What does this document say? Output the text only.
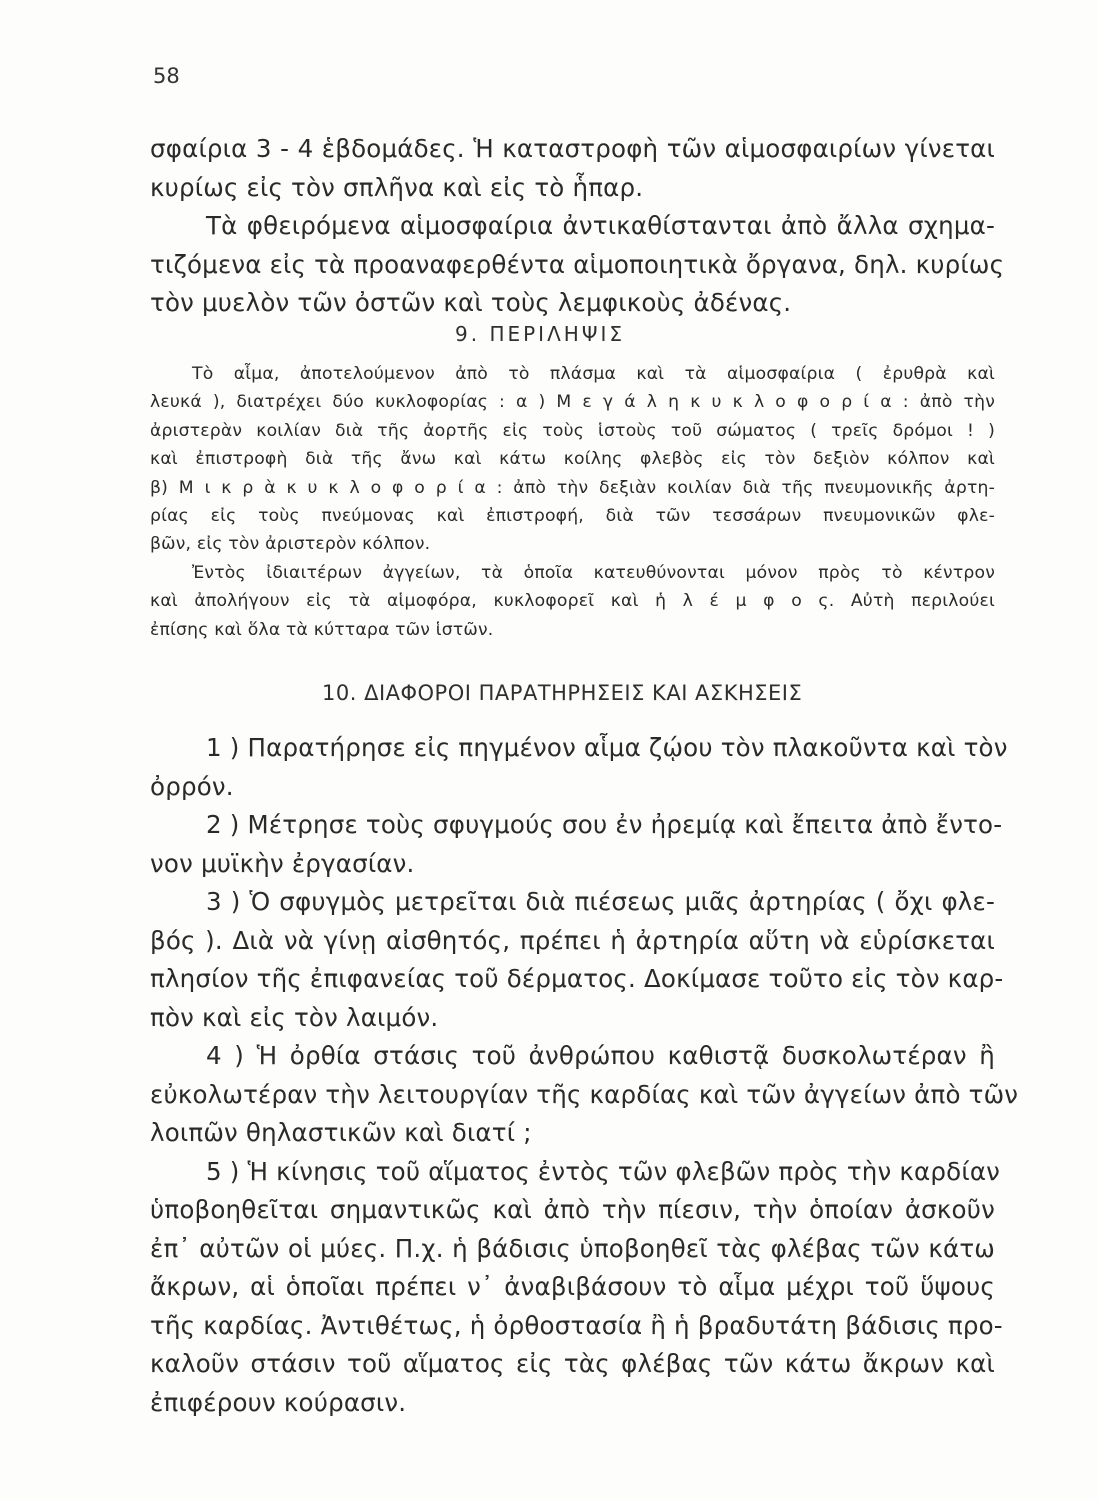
58
σφαίρια 3 - 4 ἑβδομάδες. Ἡ καταστροφὴ τῶν αἱμοσφαιρίων γίνεται
κυρίως εἰς τὸν σπλῆνα καὶ εἰς τὸ ἧπαρ.
Τὰ φθειρόμενα αἱμοσφαίρια ἀντικαθίστανται ἀπὸ ἄλλα σχημα-
τιζόμενα εἰς τὰ προαναφερθέντα αἱμοποιητικὰ ὄργανα, δηλ. κυρίως
τὸν μυελὸν τῶν ὀστῶν καὶ τοὺς λεμφικοὺς ἀδένας.
9. ΠΕΡΙΛΗΨΙΣ
Τὸ αἷμα, ἀποτελούμενον ἀπὸ τὸ πλάσμα καὶ τὰ αἱμοσφαίρια ( ἐρυθρὰ καὶ
λευκά ), διατρέχει δύο κυκλοφορίας : α ) Μ ε γ ά λ η κ υ κ λ ο φ ο ρ ί α : ἀπὸ τὴν
ἀριστερὰν κοιλίαν διὰ τῆς ἀορτῆς εἰς τοὺς ἱστοὺς τοῦ σώματος ( τρεῖς δρόμοι ! )
καὶ ἐπιστροφὴ διὰ τῆς ἄνω καὶ κάτω κοίλης φλεβὸς εἰς τὸν δεξιὸν κόλπον καὶ
β) Μ ι κ ρ ὰ κ υ κ λ ο φ ο ρ ί α : ἀπὸ τὴν δεξιὰν κοιλίαν διὰ τῆς πνευμονικῆς ἀρτη-
ρίας εἰς τοὺς πνεύμονας καὶ ἐπιστροφή, διὰ τῶν τεσσάρων πνευμονικῶν φλε-
βῶν, εἰς τὸν ἀριστερὸν κόλπον.
Ἐντὸς ἰδιαιτέρων ἀγγείων, τὰ ὁποῖα κατευθύνονται μόνον πρὸς τὸ κέντρον
καὶ ἀπολήγουν εἰς τὰ αἱμοφόρα, κυκλοφορεῖ καὶ ἡ λ έ μ φ ο ς. Αὐτὴ περιλούει
ἐπίσης καὶ ὅλα τὰ κύτταρα τῶν ἱστῶν.
10. ΔΙΑΦΟΡΟΙ ΠΑΡΑΤΗΡΗΣΕΙΣ ΚΑΙ ΑΣΚΗΣΕΙΣ
1 ) Παρατήρησε εἰς πηγμένον αἷμα ζῴου τὸν πλακοῦντα καὶ τὸν
ὀρρόν.
2 ) Μέτρησε τοὺς σφυγμούς σου ἐν ἠρεμίᾳ καὶ ἔπειτα ἀπὸ ἔντο-
νον μυϊκὴν ἐργασίαν.
3 ) Ὁ σφυγμὸς μετρεῖται διὰ πιέσεως μιᾶς ἀρτηρίας ( ὄχι φλε-
βός ). Διὰ νὰ γίνῃ αἰσθητός, πρέπει ἡ ἀρτηρία αὕτη νὰ εὑρίσκεται
πλησίον τῆς ἐπιφανείας τοῦ δέρματος. Δοκίμασε τοῦτο εἰς τὸν καρ-
πὸν καὶ εἰς τὸν λαιμόν.
4 ) Ἡ ὀρθία στάσις τοῦ ἀνθρώπου καθιστᾷ δυσκολωτέραν ἢ
εὐκολωτέραν τὴν λειτουργίαν τῆς καρδίας καὶ τῶν ἀγγείων ἀπὸ τῶν
λοιπῶν θηλαστικῶν καὶ διατί ;
5 ) Ἡ κίνησις τοῦ αἵματος ἐντὸς τῶν φλεβῶν πρὸς τὴν καρδίαν
ὑποβοηθεῖται σημαντικῶς καὶ ἀπὸ τὴν πίεσιν, τὴν ὁποίαν ἀσκοῦν
ἐπ᾽ αὐτῶν οἱ μύες. Π.χ. ἡ βάδισις ὑποβοηθεῖ τὰς φλέβας τῶν κάτω
ἄκρων, αἱ ὁποῖαι πρέπει ν᾽ ἀναβιβάσουν τὸ αἷμα μέχρι τοῦ ὕψους
τῆς καρδίας. Ἀντιθέτως, ἡ ὀρθοστασία ἢ ἡ βραδυτάτη βάδισις προ-
καλοῦν στάσιν τοῦ αἵματος εἰς τὰς φλέβας τῶν κάτω ἄκρων καὶ
ἐπιφέρουν κούρασιν.
